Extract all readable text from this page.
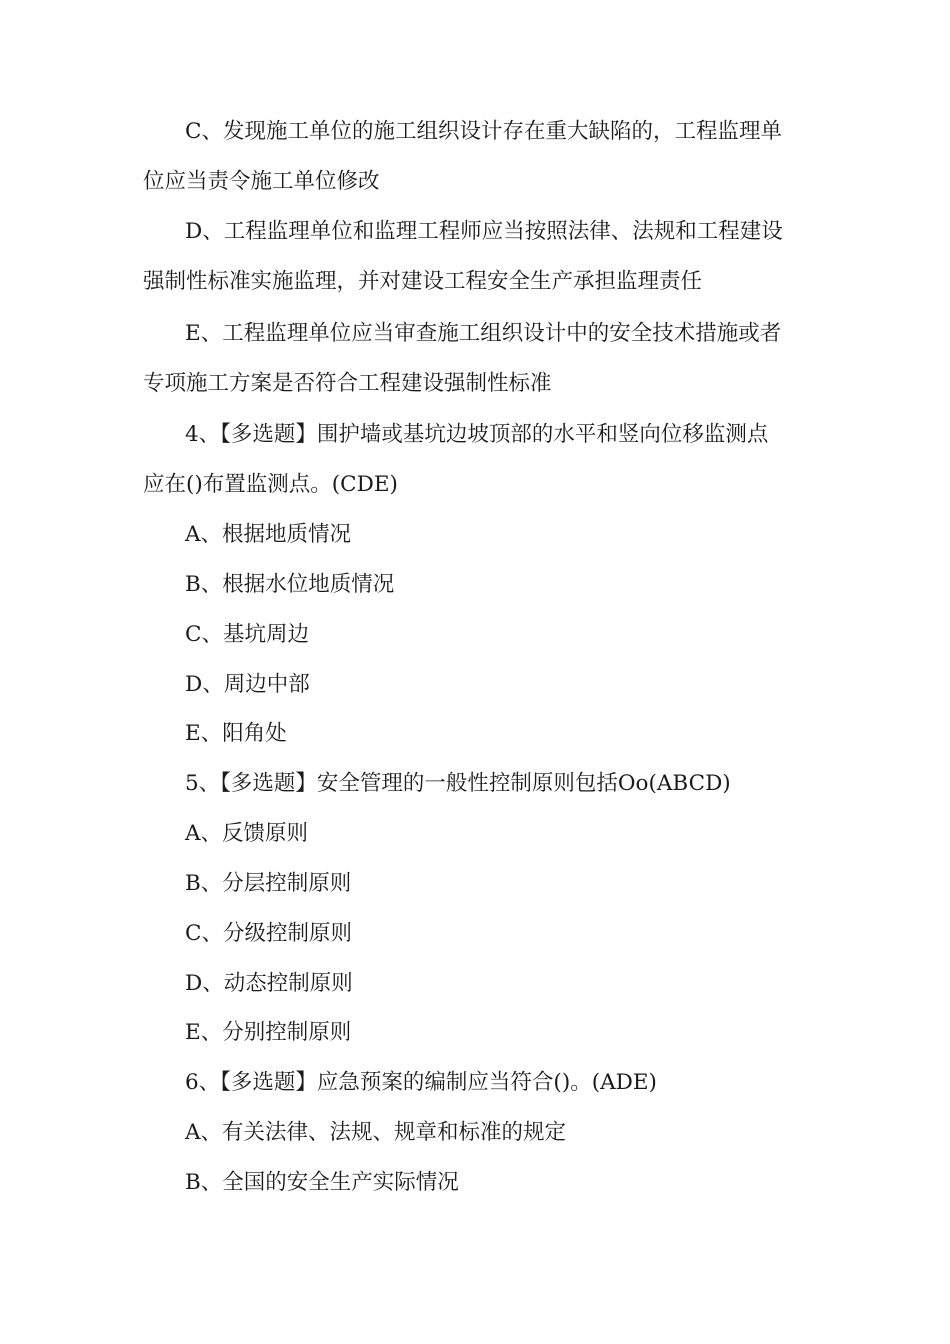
C、发现施工单位的施工组织设计存在重大缺陷的，工程监理单
位应当责令施工单位修改
D、工程监理单位和监理工程师应当按照法律、法规和工程建设
强制性标准实施监理，并对建设工程安全生产承担监理责任
E、工程监理单位应当审查施工组织设计中的安全技术措施或者
专项施工方案是否符合工程建设强制性标准
4、【多选题】围护墙或基坑边坡顶部的水平和竖向位移监测点
应在()布置监测点。(CDE)
A、根据地质情况
B、根据水位地质情况
C、基坑周边
D、周边中部
E、阳角处
5、【多选题】安全管理的一般性控制原则包括Oo(ABCD)
A、反馈原则
B、分层控制原则
C、分级控制原则
D、动态控制原则
E、分别控制原则
6、【多选题】应急预案的编制应当符合()。(ADE)
A、有关法律、法规、规章和标准的规定
B、全国的安全生产实际情况
